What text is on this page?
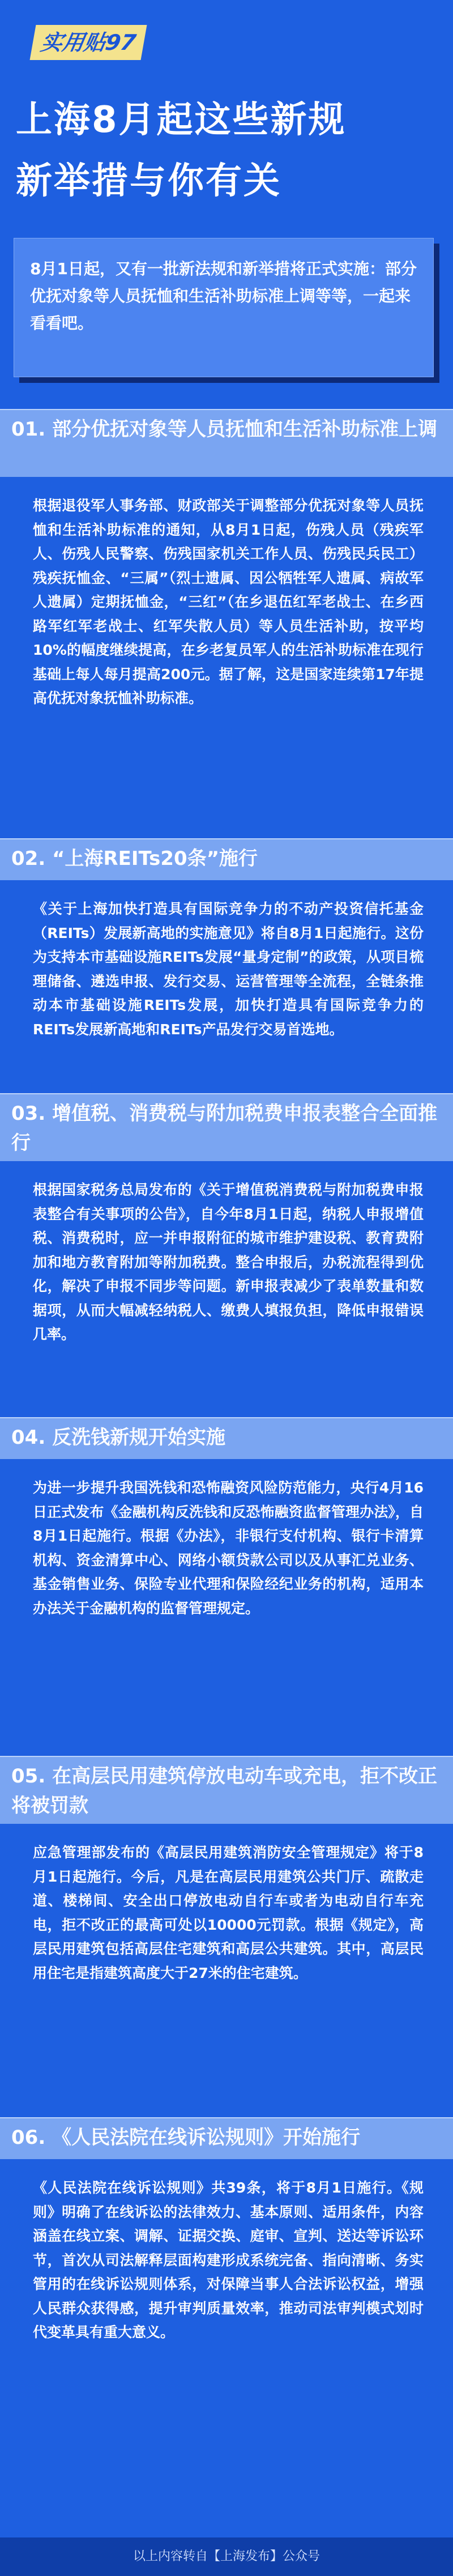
实用贴97
上海8月起这些新规
新举措与你有关
8月1日起，又有一批新法规和新举措将正式实施：部分优抚对象等人员抚恤和生活补助标准上调等等，一起来看看吧。
01. 部分优抚对象等人员抚恤和生活补助标准上调
根据退役军人事务部、财政部关于调整部分优抚对象等人员抚恤和生活补助标准的通知，从8月1日起，伤残人员（残疾军人、伤残人民警察、伤残国家机关工作人员、伤残民兵民工）残疾抚恤金、“三属”（烈士遗属、因公牺牲军人遗属、病故军人遗属）定期抚恤金，“三红”（在乡退伍红军老战士、在乡西路军红军老战士、红军失散人员）等人员生活补助，按平均10%的幅度继续提高，在乡老复员军人的生活补助标准在现行基础上每人每月提高200元。据了解，这是国家连续第17年提高优抚对象抚恤补助标准。
02. “上海REITs20条”施行
《关于上海加快打造具有国际竞争力的不动产投资信托基金（REITs）发展新高地的实施意见》将自8月1日起施行。这份为支持本市基础设施REITs发展“量身定制”的政策，从项目梳理储备、遴选申报、发行交易、运营管理等全流程，全链条推动本市基础设施REITs发展，加快打造具有国际竞争力的REITs发展新高地和REITs产品发行交易首选地。
03. 增值税、消费税与附加税费申报表整合全面推行
根据国家税务总局发布的《关于增值税消费税与附加税费申报表整合有关事项的公告》，自今年8月1日起，纳税人申报增值税、消费税时，应一并申报附征的城市维护建设税、教育费附加和地方教育附加等附加税费。整合申报后，办税流程得到优化，解决了申报不同步等问题。新申报表减少了表单数量和数据项，从而大幅减轻纳税人、缴费人填报负担，降低申报错误几率。
04. 反洗钱新规开始实施
为进一步提升我国洗钱和恐怖融资风险防范能力，央行4月16日正式发布《金融机构反洗钱和反恐怖融资监督管理办法》，自8月1日起施行。根据《办法》，非银行支付机构、银行卡清算机构、资金清算中心、网络小额贷款公司以及从事汇兑业务、基金销售业务、保险专业代理和保险经纪业务的机构，适用本办法关于金融机构的监督管理规定。
05. 在高层民用建筑停放电动车或充电，拒不改正将被罚款
应急管理部发布的《高层民用建筑消防安全管理规定》将于8月1日起施行。今后，凡是在高层民用建筑公共门厅、疏散走道、楼梯间、安全出口停放电动自行车或者为电动自行车充电，拒不改正的最高可处以10000元罚款。根据《规定》，高层民用建筑包括高层住宅建筑和高层公共建筑。其中，高层民用住宅是指建筑高度大于27米的住宅建筑。
06. 《人民法院在线诉讼规则》开始施行
《人民法院在线诉讼规则》共39条，将于8月1日施行。《规则》明确了在线诉讼的法律效力、基本原则、适用条件，内容涵盖在线立案、调解、证据交换、庭审、宣判、送达等诉讼环节，首次从司法解释层面构建形成系统完备、指向清晰、务实管用的在线诉讼规则体系，对保障当事人合法诉讼权益，增强人民群众获得感，提升审判质量效率，推动司法审判模式划时代变革具有重大意义。
以上内容转自【上海发布】公众号
